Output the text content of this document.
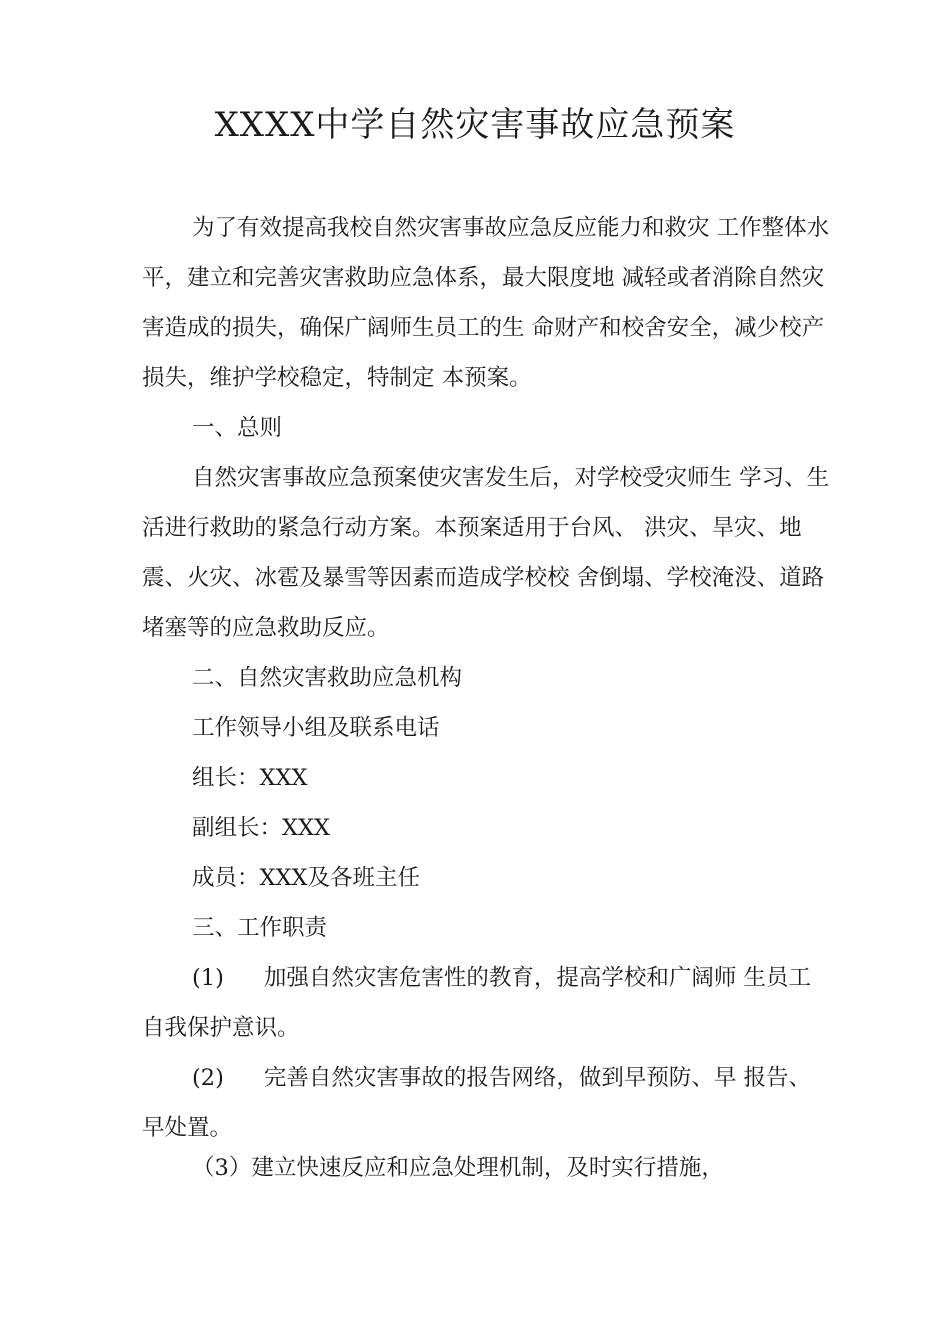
XXXX中学自然灾害事故应急预案
为了有效提高我校自然灾害事故应急反应能力和救灾 工作整体水
平，建立和完善灾害救助应急体系，最大限度地 减轻或者消除自然灾
害造成的损失，确保广阔师生员工的生 命财产和校舍安全，减少校产
损失，维护学校稳定，特制定 本预案。
一、总则
自然灾害事故应急预案使灾害发生后，对学校受灾师生 学习、生
活进行救助的紧急行动方案。本预案适用于台风、 洪灾、旱灾、地
震、火灾、冰雹及暴雪等因素而造成学校校 舍倒塌、学校淹没、道路
堵塞等的应急救助反应。
二、自然灾害救助应急机构
工作领导小组及联系电话
组长：XXX
副组长：XXX
成员：XXX及各班主任
三、工作职责
(1) 加强自然灾害危害性的教育，提高学校和广阔师 生员工
自我保护意识。
(2) 完善自然灾害事故的报告网络，做到早预防、早 报告、
早处置。
（3）建立快速反应和应急处理机制，及时实行措施，
